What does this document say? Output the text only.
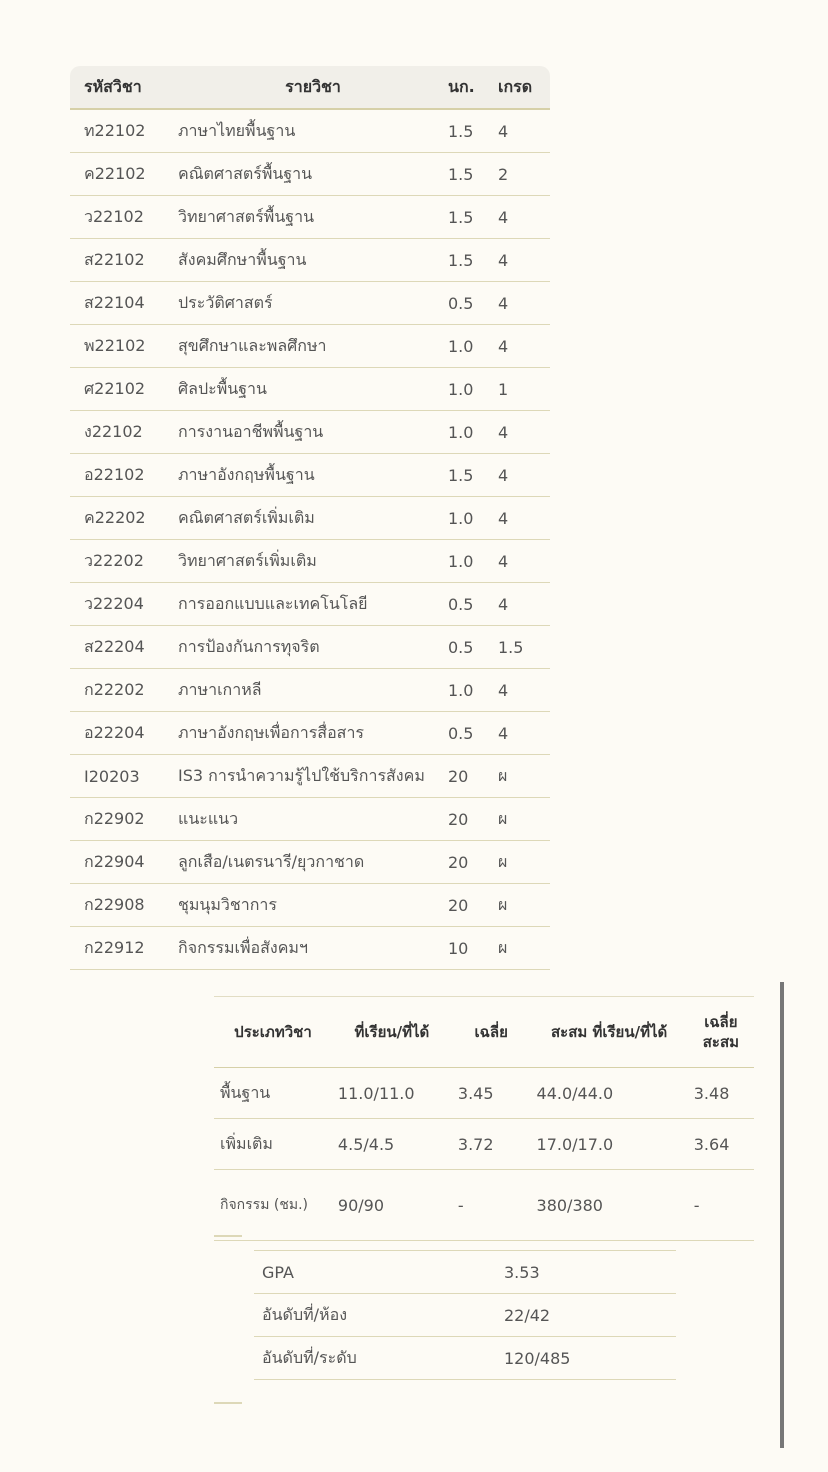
รหัสวิชา	รายวิชา	นก.	เกรด
ท22102	ภาษาไทยพื้นฐาน	1.5	4
ค22102	คณิตศาสตร์พื้นฐาน	1.5	2
ว22102	วิทยาศาสตร์พื้นฐาน	1.5	4
ส22102	สังคมศึกษาพื้นฐาน	1.5	4
ส22104	ประวัติศาสตร์	0.5	4
พ22102	สุขศึกษาและพลศึกษา	1.0	4
ศ22102	ศิลปะพื้นฐาน	1.0	1
ง22102	การงานอาชีพพื้นฐาน	1.0	4
อ22102	ภาษาอังกฤษพื้นฐาน	1.5	4
ค22202	คณิตศาสตร์เพิ่มเติม	1.0	4
ว22202	วิทยาศาสตร์เพิ่มเติม	1.0	4
ว22204	การออกแบบและเทคโนโลยี	0.5	4
ส22204	การป้องกันการทุจริต	0.5	1.5
ก22202	ภาษาเกาหลี	1.0	4
อ22204	ภาษาอังกฤษเพื่อการสื่อสาร	0.5	4
I20203	IS3 การนำความรู้ไปใช้บริการสังคม	20	ผ
ก22902	แนะแนว	20	ผ
ก22904	ลูกเสือ/เนตรนารี/ยุวกาชาด	20	ผ
ก22908	ชุมนุมวิชาการ	20	ผ
ก22912	กิจกรรมเพื่อสังคมฯ	10	ผ
ประเภทวิชา	ที่เรียน/ที่ได้	เฉลี่ย	สะสม ที่เรียน/ที่ได้	เฉลี่ยสะสม
พื้นฐาน	11.0/11.0	3.45	44.0/44.0	3.48
เพิ่มเติม	4.5/4.5	3.72	17.0/17.0	3.64
กิจกรรม (ชม.)	90/90	-	380/380	-
GPA	3.53
อันดับที่/ห้อง	22/42
อันดับที่/ระดับ	120/485
